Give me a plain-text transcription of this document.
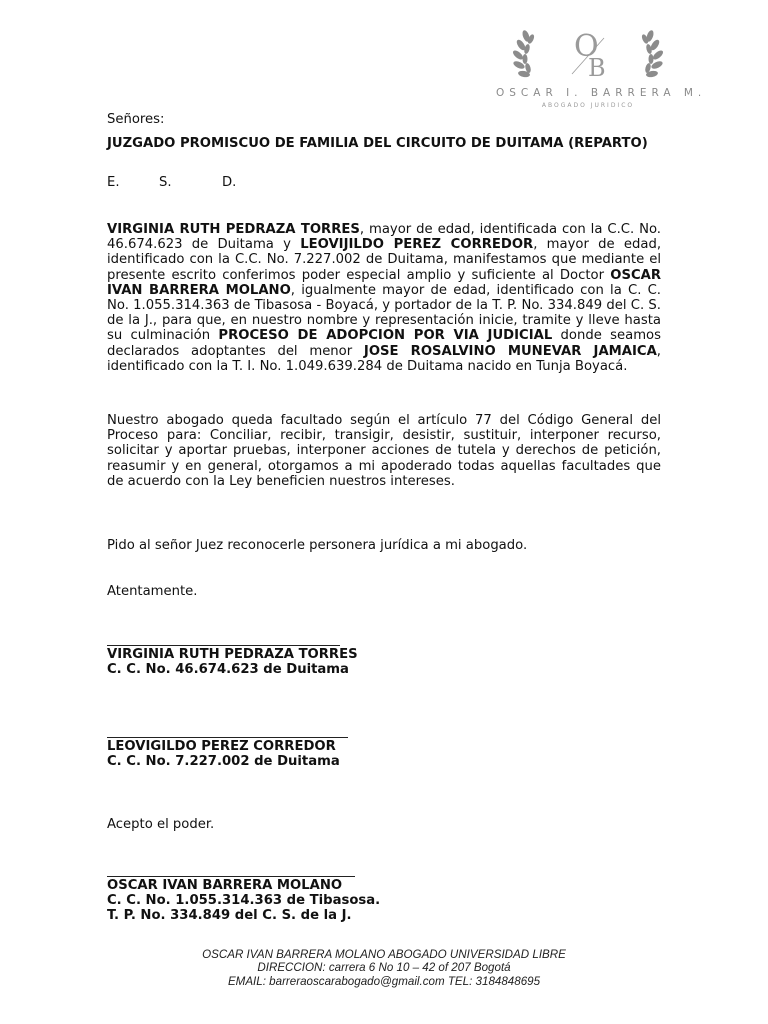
O
B
OSCAR I. BARRERA M.
ABOGADO JURIDICO
Señores:
JUZGADO PROMISCUO DE FAMILIA DEL CIRCUITO DE DUITAMA (REPARTO)
E.	S.	D.
VIRGINIA RUTH PEDRAZA TORRES, mayor de edad, identificada con la C.C. No. 46.674.623 de Duitama y LEOVIJILDO PEREZ CORREDOR, mayor de edad, identificado con la C.C. No. 7.227.002 de Duitama, manifestamos que mediante el presente escrito conferimos poder especial amplio y suficiente al Doctor OSCAR IVAN BARRERA MOLANO, igualmente mayor de edad, identificado con la C. C. No. 1.055.314.363 de Tibasosa - Boyacá, y portador de la T. P. No. 334.849 del C. S. de la J., para que, en nuestro nombre y representación inicie, tramite y lleve hasta su culminación PROCESO DE ADOPCION POR VIA JUDICIAL donde seamos declarados adoptantes del menor JOSE ROSALVINO MUNEVAR JAMAICA, identificado con la T. I. No. 1.049.639.284 de Duitama nacido en Tunja Boyacá.
Nuestro abogado queda facultado según el artículo 77 del Código General del Proceso para: Conciliar, recibir, transigir, desistir, sustituir, interponer recurso, solicitar y aportar pruebas, interponer acciones de tutela y derechos de petición, reasumir y en general, otorgamos a mi apoderado todas aquellas facultades que de acuerdo con la Ley beneficien nuestros intereses.
Pido al señor Juez reconocerle personera jurídica a mi abogado.
Atentamente.
VIRGINIA RUTH PEDRAZA TORRES
C. C. No. 46.674.623 de Duitama
LEOVIGILDO PEREZ CORREDOR
C. C. No. 7.227.002 de Duitama
Acepto el poder.
OSCAR IVAN BARRERA MOLANO
C. C. No. 1.055.314.363 de Tibasosa.
T. P. No. 334.849 del C. S. de la J.
OSCAR IVAN BARRERA MOLANO ABOGADO UNIVERSIDAD LIBRE
DIRECCION: carrera 6 No 10 – 42 of 207 Bogotá
EMAIL: barreraoscarabogado@gmail.com TEL: 3184848695
